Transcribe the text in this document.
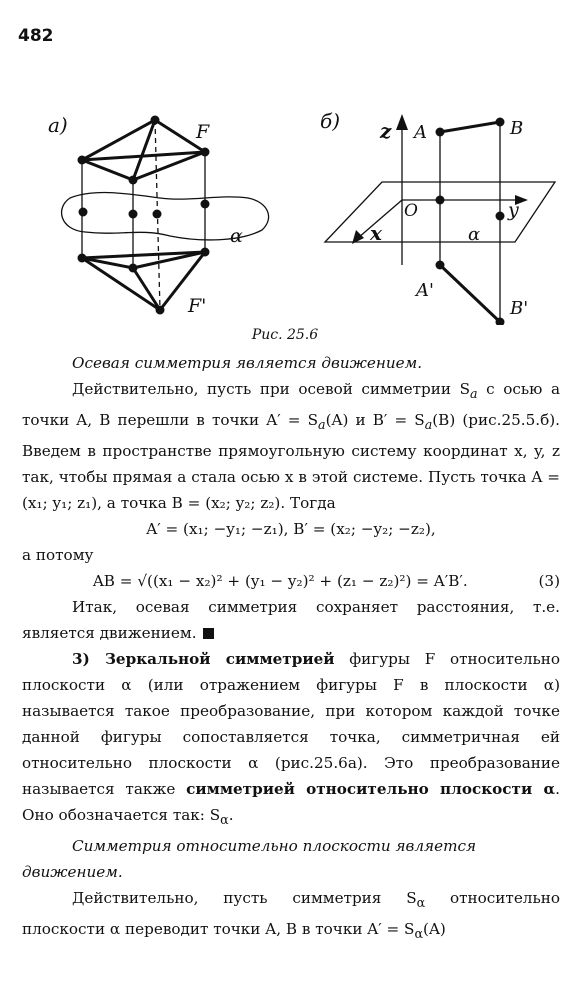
482
a)	F
F'
α
б) z A	B
O	y
x	α
A'
B'
Рис. 25.6

Осевая симметрия является движением.

Действительно, пусть при осевой симметрии $S_a$ с осью a точки A, B перешли в точки $A' = S_a(A)$ и $B' = S_a(B)$ (рис.25.5.б). Введем в пространстве прямоугольную систему координат x, y, z так, чтобы прямая a стала осью x в этой системе. Пусть точка A = (x₁; y₁; z₁), а точка B = (x₂; y₂; z₂). Тогда

A′ = (x₁; −y₁; −z₁), B′ = (x₂; −y₂; −z₂),

а потому

AB = √((x₁ − x₂)² + (y₁ − y₂)² + (z₁ − z₂)²) = A′B′.	(3)

Итак, осевая симметрия сохраняет расстояния, т.е. является движением.

3) Зеркальной симметрией фигуры F относительно плоскости α (или отражением фигуры F в плоскости α) называется такое преобразование, при котором каждой точке данной фигуры сопоставляется точка, симметричная ей относительно плоскости α (рис.25.6а). Это преобразование называется также симметрией относительно плоскости α. Оно обозначается так: $S_\alpha$.

Симметрия относительно плоскости является движением.

Действительно, пусть симметрия $S_\alpha$ относительно плоскости α переводит точки A, B в точки $A' = S_\alpha(A)$
